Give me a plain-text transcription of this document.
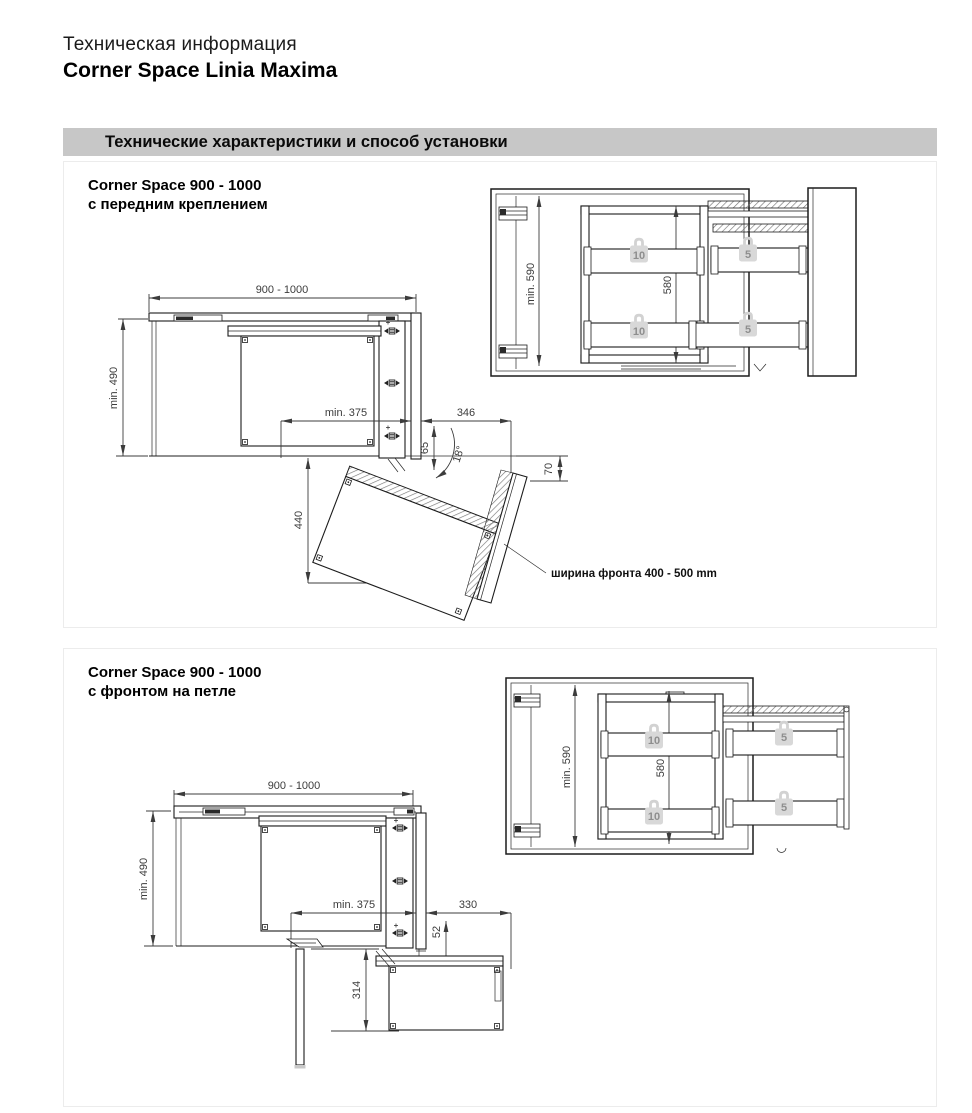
Техническая информация
Corner Space Linia Maxima
Технические характеристики и способ установки
Corner Space 900 - 1000
с передним креплением
900 - 1000
min. 490
min. 375	346
65 18°
70
440
ширина фронта 400 - 500 mm
min. 590	580
10
10
5
5
Corner Space 900 - 1000
с фронтом на петле
900 - 1000
min. 490
min. 375	330
52
314
min. 590	580
10
10
5
5
